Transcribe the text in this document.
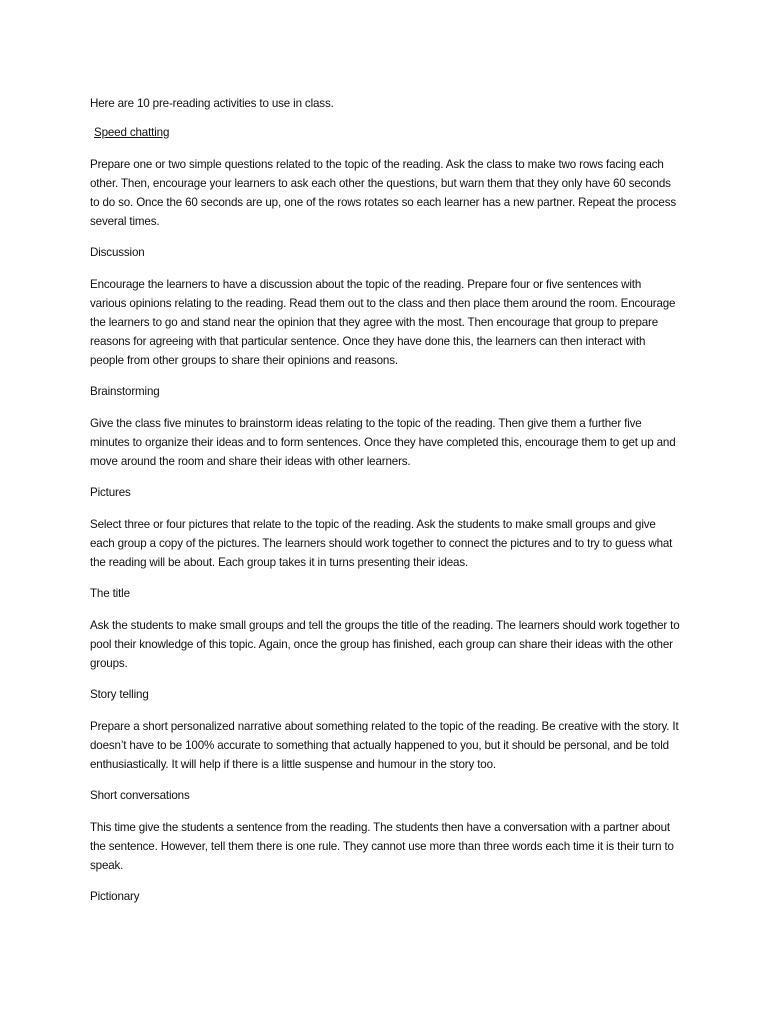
Here are 10 pre-reading activities to use in class.

Speed chatting

Prepare one or two simple questions related to the topic of the reading. Ask the class to make two rows facing each other. Then, encourage your learners to ask each other the questions, but warn them that they only have 60 seconds to do so. Once the 60 seconds are up, one of the rows rotates so each learner has a new partner. Repeat the process several times.

Discussion

Encourage the learners to have a discussion about the topic of the reading. Prepare four or five sentences with various opinions relating to the reading. Read them out to the class and then place them around the room. Encourage the learners to go and stand near the opinion that they agree with the most. Then encourage that group to prepare reasons for agreeing with that particular sentence. Once they have done this, the learners can then interact with people from other groups to share their opinions and reasons.

Brainstorming

Give the class five minutes to brainstorm ideas relating to the topic of the reading. Then give them a further five minutes to organize their ideas and to form sentences. Once they have completed this, encourage them to get up and move around the room and share their ideas with other learners.

Pictures

Select three or four pictures that relate to the topic of the reading. Ask the students to make small groups and give each group a copy of the pictures. The learners should work together to connect the pictures and to try to guess what the reading will be about. Each group takes it in turns presenting their ideas.

The title

Ask the students to make small groups and tell the groups the title of the reading. The learners should work together to pool their knowledge of this topic. Again, once the group has finished, each group can share their ideas with the other groups.

Story telling

Prepare a short personalized narrative about something related to the topic of the reading. Be creative with the story. It doesn’t have to be 100% accurate to something that actually happened to you, but it should be personal, and be told enthusiastically. It will help if there is a little suspense and humour in the story too.

Short conversations

This time give the students a sentence from the reading. The students then have a conversation with a partner about the sentence. However, tell them there is one rule. They cannot use more than three words each time it is their turn to speak.

Pictionary
